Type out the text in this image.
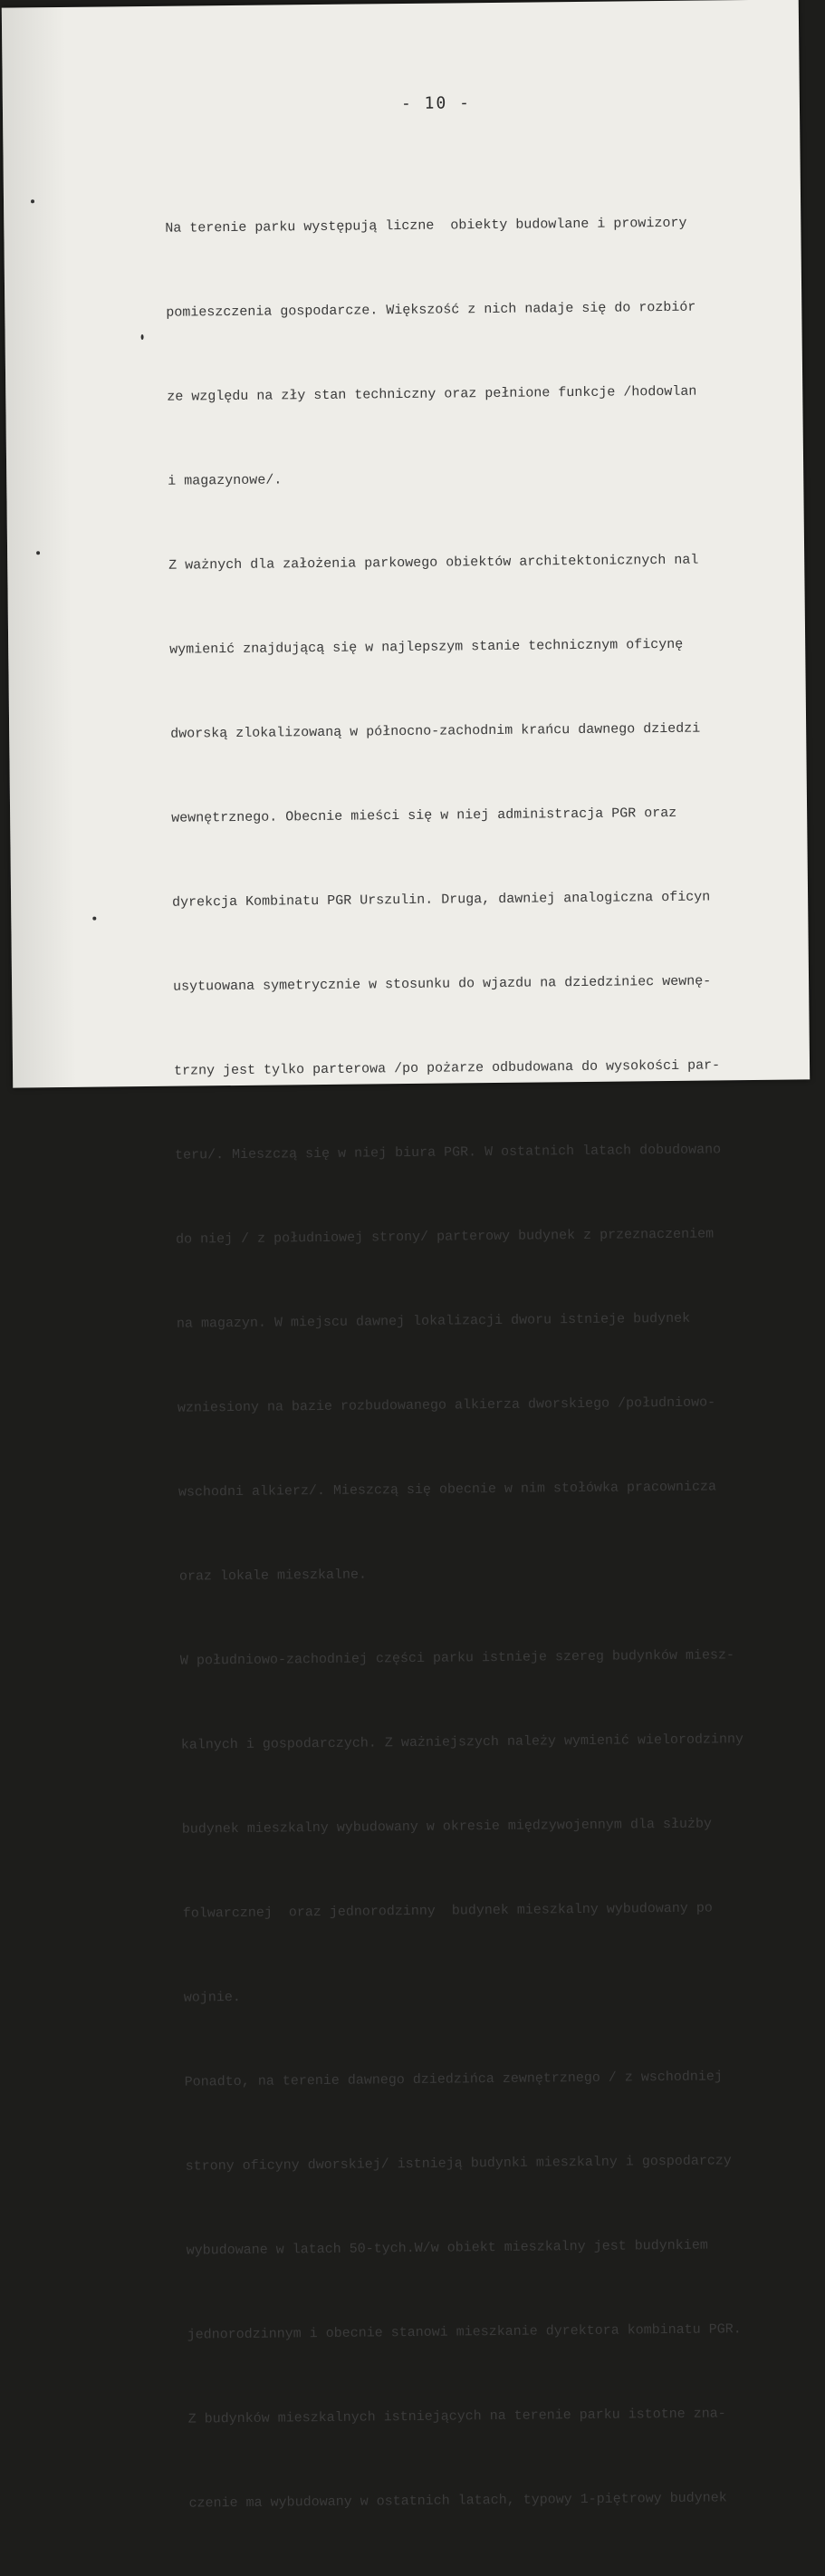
- 10 -

Na terenie parku występują liczne  obiekty budowlane i prowizory

pomieszczenia gospodarcze. Większość z nich nadaje się do rozbiór

ze względu na zły stan techniczny oraz pełnione funkcje /hodowlan

i magazynowe/.

Z ważnych dla założenia parkowego obiektów architektonicznych nal

wymienić znajdującą się w najlepszym stanie technicznym oficynę

dworską zlokalizowaną w północno-zachodnim krańcu dawnego dziedzi

wewnętrznego. Obecnie mieści się w niej administracja PGR oraz

dyrekcja Kombinatu PGR Urszulin. Druga, dawniej analogiczna oficyn

usytuowana symetrycznie w stosunku do wjazdu na dziedziniec wewnę-

trzny jest tylko parterowa /po pożarze odbudowana do wysokości par-

teru/. Mieszczą się w niej biura PGR. W ostatnich latach dobudowano

do niej / z południowej strony/ parterowy budynek z przeznaczeniem

na magazyn. W miejscu dawnej lokalizacji dworu istnieje budynek

wzniesiony na bazie rozbudowanego alkierza dworskiego /południowo-

wschodni alkierz/. Mieszczą się obecnie w nim stołówka pracownicza

oraz lokale mieszkalne.

W południowo-zachodniej części parku istnieje szereg budynków miesz-

kalnych i gospodarczych. Z ważniejszych należy wymienić wielorodzinny

budynek mieszkalny wybudowany w okresie międzywojennym dla służby

folwarcznej  oraz jednorodzinny  budynek mieszkalny wybudowany po

wojnie.

Ponadto, na terenie dawnego dziedzińca zewnętrznego / z wschodniej

strony oficyny dworskiej/ istnieją budynki mieszkalny i gospodarczy

wybudowane w latach 50-tych.W/w obiekt mieszkalny jest budynkiem

jednorodzinnym i obecnie stanowi mieszkanie dyrektora kombinatu PGR.

Z budynków mieszkalnych istniejących na terenie parku istotne zna-

czenie ma wybudowany w ostatnich latach, typowy 1-piętrowy budynek
